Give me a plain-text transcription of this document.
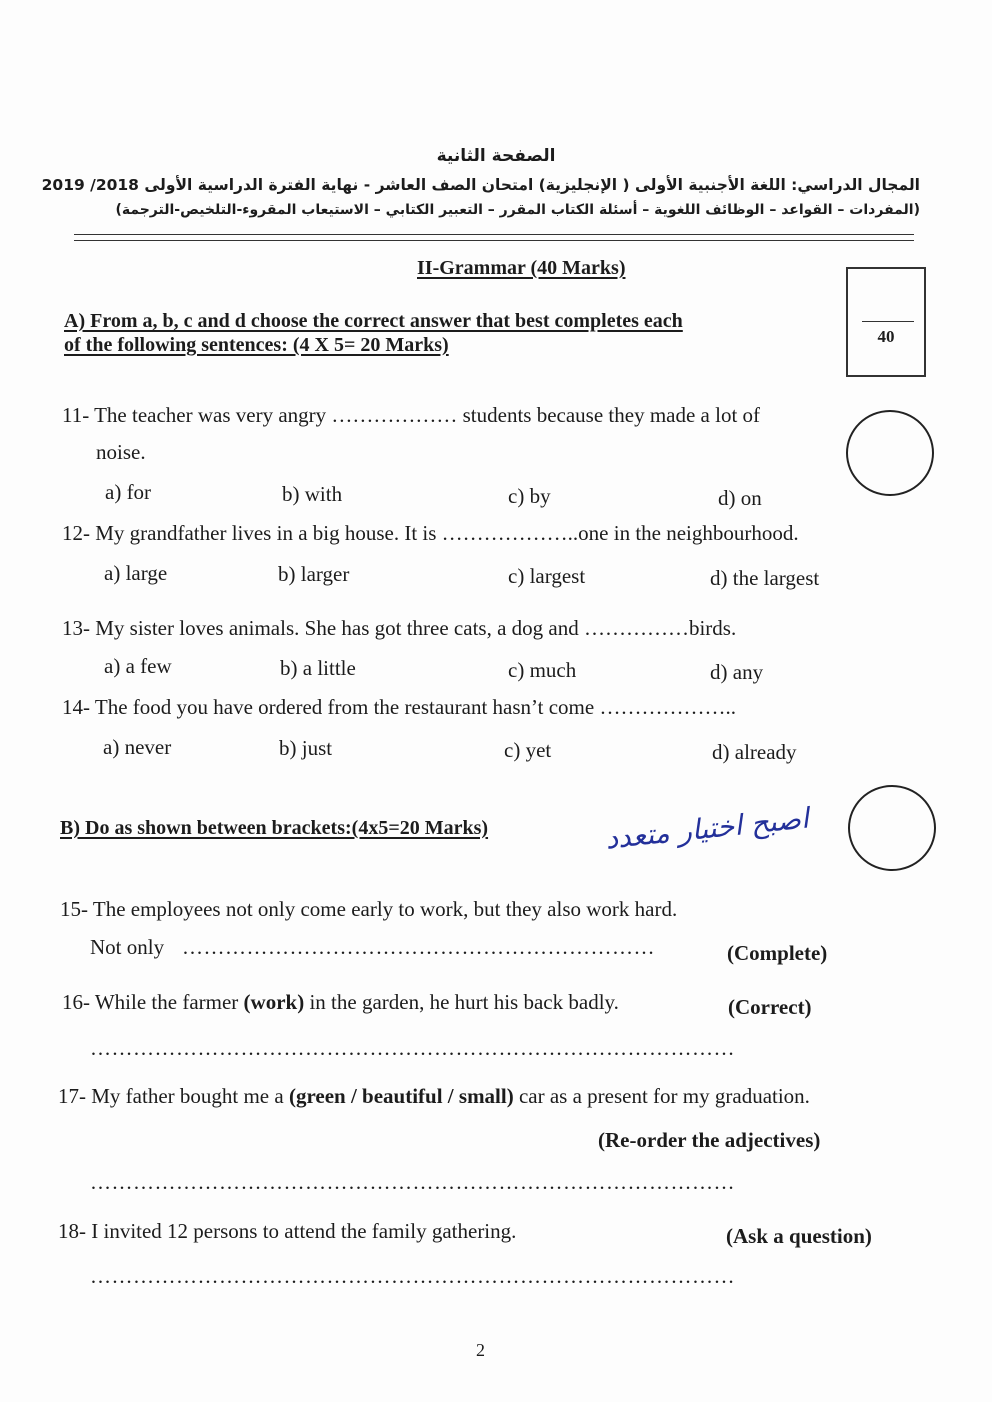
الصفحة الثانية
المجال الدراسي: اللغة الأجنبية الأولى ( الإنجليزية) امتحان الصف العاشر - نهاية الفترة الدراسية الأولى 2018/ 2019
(المفردات – القواعد – الوظائف اللغوية – أسئلة الكتاب المقرر – التعبير الكتابي – الاستيعاب المقروء-التلخيص-الترجمة)
II-Grammar (40 Marks)
40
A) From a, b, c and d choose the correct answer that best completes each
of the following sentences: (4 X 5= 20 Marks)
11- The teacher was very angry ……………… students because they made a lot of
noise.
a) for	b) with	c) by	d) on
12- My grandfather lives in a big house. It is ………………..one in the neighbourhood.
a) large	b) larger	c) largest	d) the largest
13- My sister loves animals. She has got three cats, a dog and ……………birds.
a) a few	b) a little	c) much	d) any
14- The food you have ordered from the restaurant hasn’t come ………………..
a) never	b) just	c) yet	d) already
B) Do as shown between brackets:(4x5=20 Marks)	اصبح اختيار متعدد
15- The employees not only come early to work, but they also work hard.
Not only …………………………………………………………	(Complete)
16- While the farmer (work) in the garden, he hurt his back badly.	(Correct)
………………………………………………………………………………
17- My father bought me a (green / beautiful / small) car as a present for my graduation.
(Re-order the adjectives)
………………………………………………………………………………
18- I invited 12 persons to attend the family gathering.	(Ask a question)
………………………………………………………………………………
2
